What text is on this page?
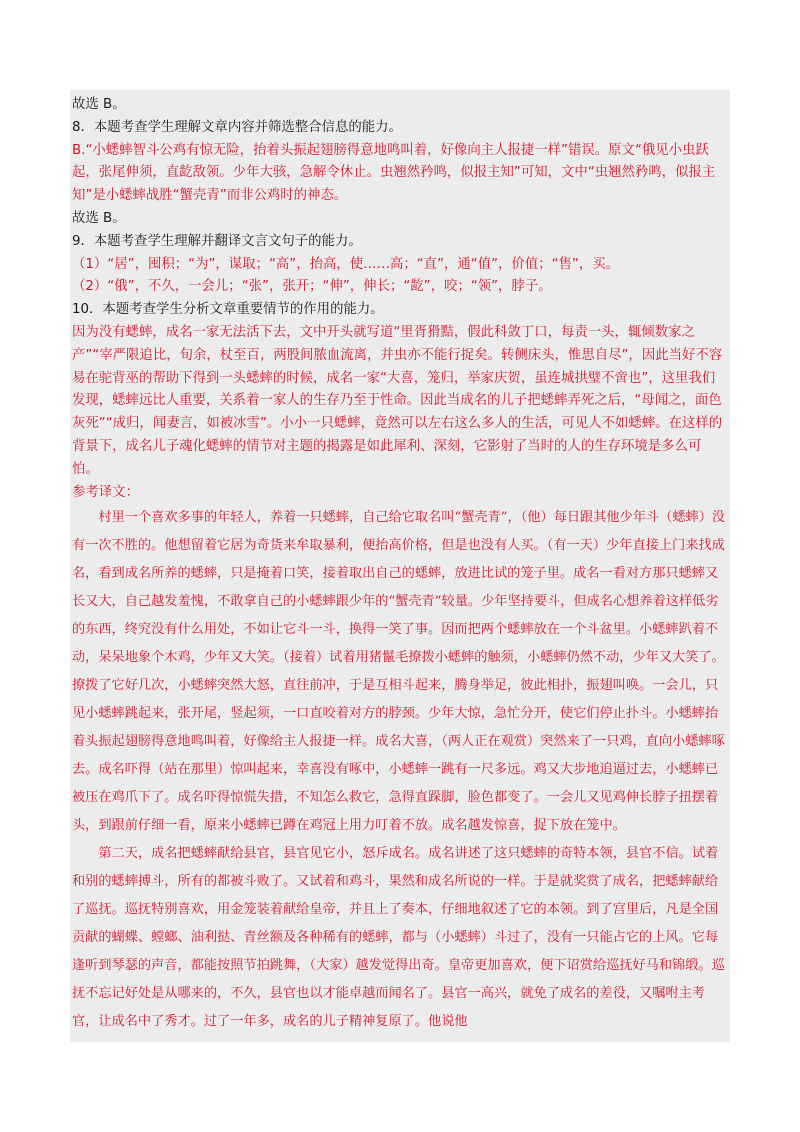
故选 B。

8．本题考查学生理解文章内容并筛选整合信息的能力。

B.“小蟋蟀智斗公鸡有惊无险，抬着头振起翅膀得意地鸣叫着，好像向主人报捷一样”错误。原文“俄见小虫跃起，张尾伸须，直龁敌领。少年大骇，急解令休止。虫翘然矜鸣，似报主知”可知，文中“虫翘然矜鸣，似报主知”是小蟋蟀战胜“蟹壳青”而非公鸡时的神态。

故选 B。

9．本题考查学生理解并翻译文言文句子的能力。

（1）“居”，囤积；“为”，谋取；“高”，抬高，使……高；“直”，通“值”，价值；“售”，买。

（2）“俄”，不久，一会儿；“张”，张开；“伸”，伸长；“龁”，咬；“领”，脖子。

10．本题考查学生分析文章重要情节的作用的能力。

因为没有蟋蟀，成名一家无法活下去，文中开头就写道“里胥猾黠，假此科敛丁口，每责一头，辄倾数家之产”“宰严限追比，旬余，杖至百，两股间脓血流离，并虫亦不能行捉矣。转侧床头，惟思自尽”，因此当好不容易在驼背巫的帮助下得到一头蟋蟀的时候，成名一家“大喜，笼归，举家庆贺，虽连城拱璧不啻也”，这里我们发现，蟋蟀远比人重要，关系着一家人的生存乃至于性命。因此当成名的儿子把蟋蟀弄死之后，“母闻之，面色灰死”“成归，闻妻言，如被冰雪”。小小一只蟋蟀，竟然可以左右这么多人的生活，可见人不如蟋蟀。在这样的背景下，成名儿子魂化蟋蟀的情节对主题的揭露是如此犀利、深刻，它影射了当时的人的生存环境是多么可怕。

参考译文：

村里一个喜欢多事的年轻人，养着一只蟋蟀，自己给它取名叫“蟹壳青”，（他）每日跟其他少年斗（蟋蟀）没有一次不胜的。他想留着它居为奇货来牟取暴利，便抬高价格，但是也没有人买。（有一天）少年直接上门来找成名，看到成名所养的蟋蟀，只是掩着口笑，接着取出自己的蟋蟀，放进比试的笼子里。成名一看对方那只蟋蟀又长又大，自己越发羞愧，不敢拿自己的小蟋蟀跟少年的“蟹壳青”较量。少年坚持要斗，但成名心想养着这样低劣的东西，终究没有什么用处，不如让它斗一斗，换得一笑了事。因而把两个蟋蟀放在一个斗盆里。小蟋蟀趴着不动，呆呆地象个木鸡，少年又大笑。（接着）试着用猪鬣毛撩拨小蟋蟀的触须，小蟋蟀仍然不动，少年又大笑了。撩拨了它好几次，小蟋蟀突然大怒，直往前冲，于是互相斗起来，腾身举足，彼此相扑，振翅叫唤。一会儿，只见小蟋蟀跳起来，张开尾，竖起须，一口直咬着对方的脖颈。少年大惊，急忙分开，使它们停止扑斗。小蟋蟀抬着头振起翅膀得意地鸣叫着，好像给主人报捷一样。成名大喜，（两人正在观赏）突然来了一只鸡，直向小蟋蟀啄去。成名吓得（站在那里）惊叫起来，幸喜没有啄中，小蟋蟀一跳有一尺多远。鸡又大步地追逼过去，小蟋蟀已被压在鸡爪下了。成名吓得惊慌失措，不知怎么救它，急得直跺脚，脸色都变了。一会儿又见鸡伸长脖子扭摆着头，到跟前仔细一看，原来小蟋蟀已蹲在鸡冠上用力叮着不放。成名越发惊喜，捉下放在笼中。

第二天，成名把蟋蟀献给县官，县官见它小，怒斥成名。成名讲述了这只蟋蟀的奇特本领，县官不信。试着和别的蟋蟀搏斗，所有的都被斗败了。又试着和鸡斗，果然和成名所说的一样。于是就奖赏了成名，把蟋蟀献给了巡抚。巡抚特别喜欢，用金笼装着献给皇帝，并且上了奏本，仔细地叙述了它的本领。到了宫里后，凡是全国贡献的蝴蝶、螳螂、油利挞、青丝额及各种稀有的蟋蟀，都与（小蟋蟀）斗过了，没有一只能占它的上风。它每逢听到琴瑟的声音，都能按照节拍跳舞，（大家）越发觉得出奇。皇帝更加喜欢，便下诏赏给巡抚好马和锦缎。巡抚不忘记好处是从哪来的，不久，县官也以才能卓越而闻名了。县官一高兴，就免了成名的差役，又嘱咐主考官，让成名中了秀才。过了一年多，成名的儿子精神复原了。他说他
